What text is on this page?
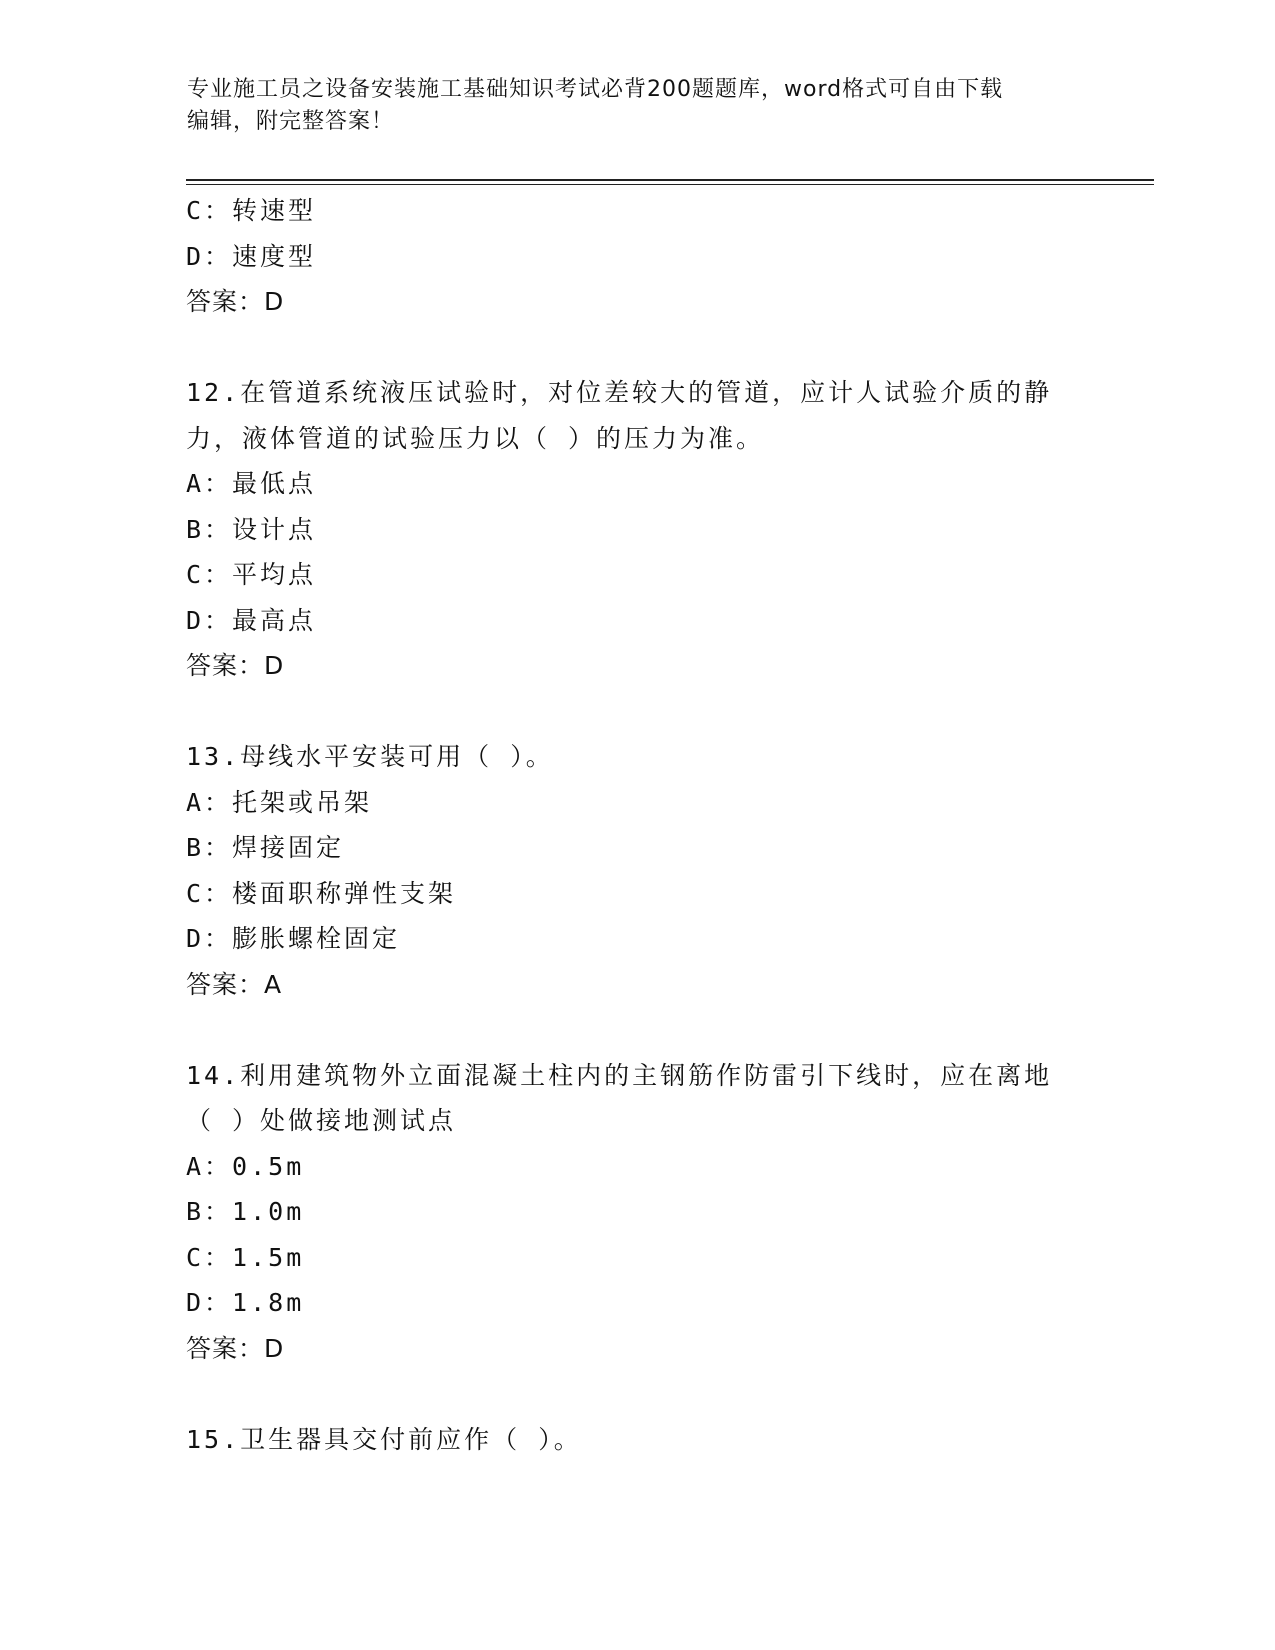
专业施工员之设备安装施工基础知识考试必背200题题库，word格式可自由下载
编辑，附完整答案！
C：转速型
D：速度型
答案：D
12.在管道系统液压试验时，对位差较大的管道，应计人试验介质的静
力，液体管道的试验压力以（ ）的压力为准。
A：最低点
B：设计点
C：平均点
D：最高点
答案：D
13.母线水平安装可用（ ）。
A：托架或吊架
B：焊接固定
C：楼面职称弹性支架
D：膨胀螺栓固定
答案：A
14.利用建筑物外立面混凝土柱内的主钢筋作防雷引下线时，应在离地
（ ）处做接地测试点
A：0.5m
B：1.0m
C：1.5m
D：1.8m
答案：D
15.卫生器具交付前应作（ ）。
